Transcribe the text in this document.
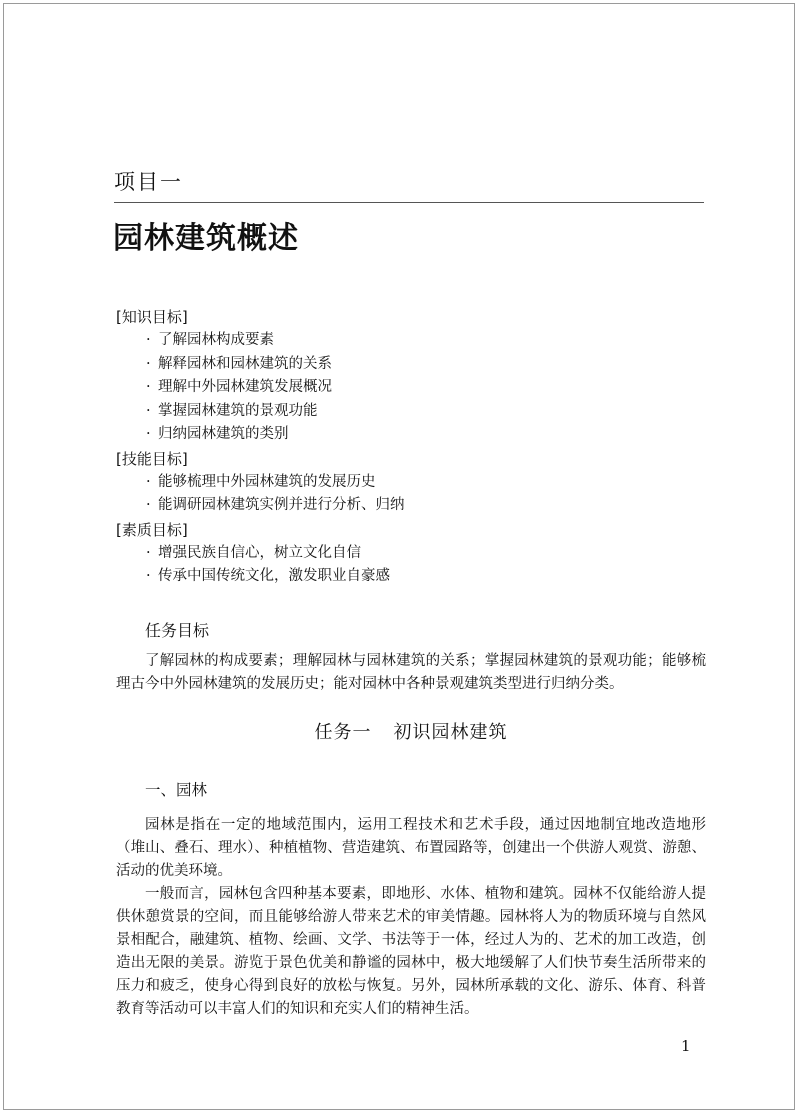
项目一
园林建筑概述
[知识目标]
· 了解园林构成要素
· 解释园林和园林建筑的关系
· 理解中外园林建筑发展概况
· 掌握园林建筑的景观功能
· 归纳园林建筑的类别
[技能目标]
· 能够梳理中外园林建筑的发展历史
· 能调研园林建筑实例并进行分析、归纳
[素质目标]
· 增强民族自信心，树立文化自信
· 传承中国传统文化，激发职业自豪感
任务目标

了解园林的构成要素；理解园林与园林建筑的关系；掌握园林建筑的景观功能；能够梳理古今中外园林建筑的发展历史；能对园林中各种景观建筑类型进行归纳分类。

任务一 初识园林建筑
一、园林

园林是指在一定的地域范围内，运用工程技术和艺术手段，通过因地制宜地改造地形（堆山、叠石、理水）、种植植物、营造建筑、布置园路等，创建出一个供游人观赏、游憩、活动的优美环境。

一般而言，园林包含四种基本要素，即地形、水体、植物和建筑。园林不仅能给游人提供休憩赏景的空间，而且能够给游人带来艺术的审美情趣。园林将人为的物质环境与自然风景相配合，融建筑、植物、绘画、文学、书法等于一体，经过人为的、艺术的加工改造，创造出无限的美景。游览于景色优美和静谧的园林中，极大地缓解了人们快节奏生活所带来的压力和疲乏，使身心得到良好的放松与恢复。另外，园林所承载的文化、游乐、体育、科普教育等活动可以丰富人们的知识和充实人们的精神生活。

1
